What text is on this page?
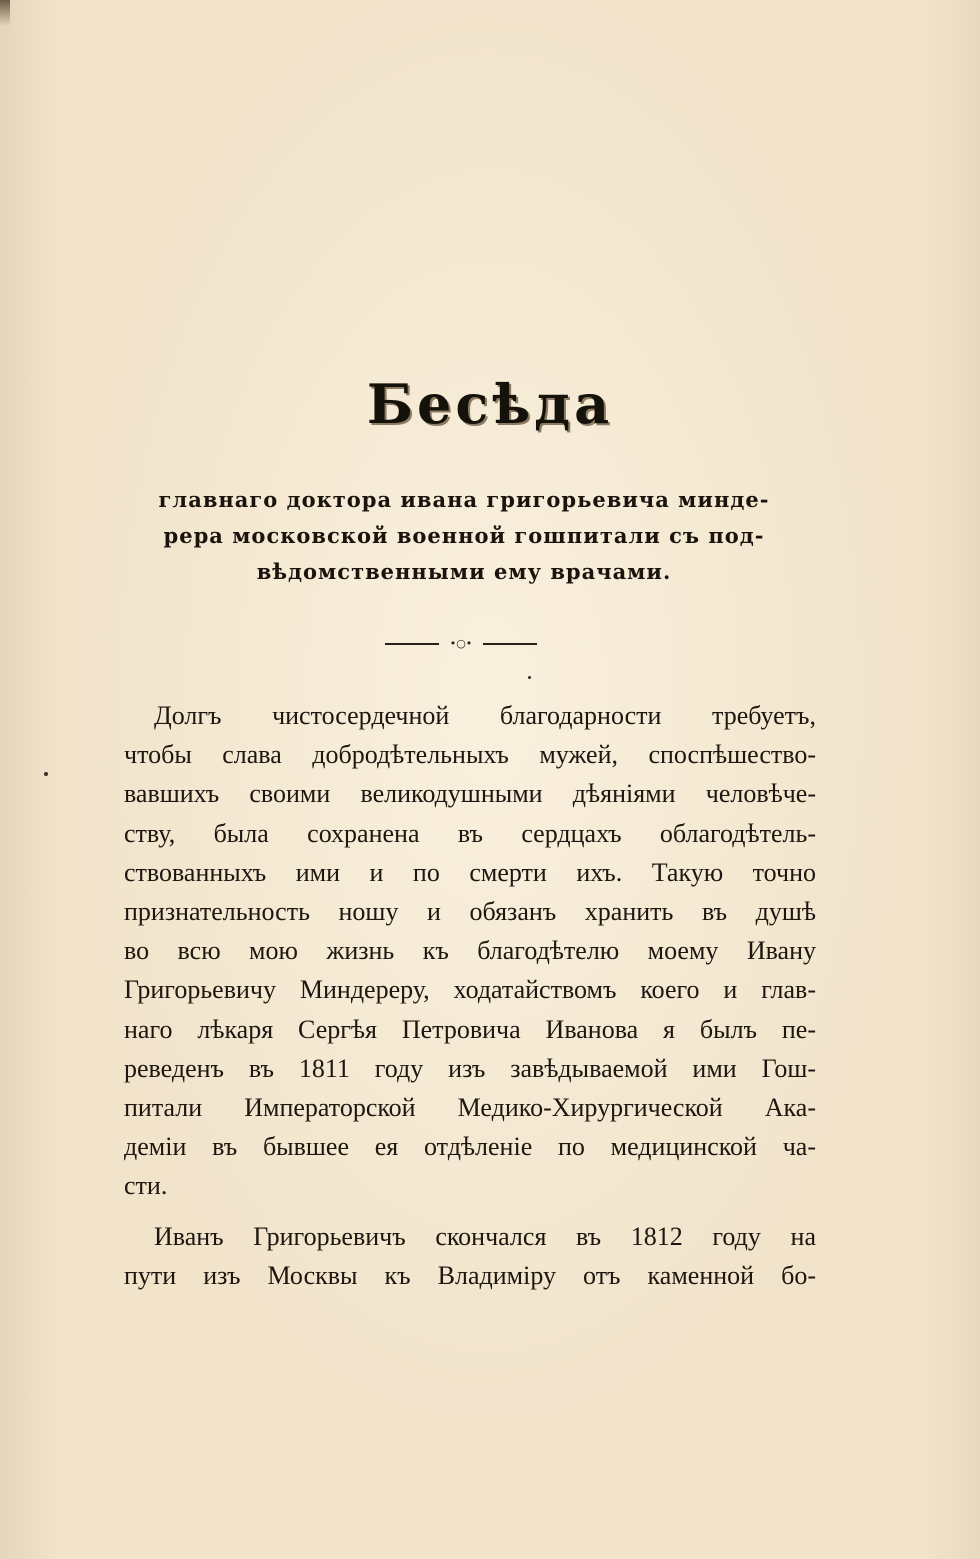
Бесѣда
главнаго доктора ивана григорьевича минде-
рера московской военной гошпитали съ под-
вѣдомственными ему врачами.
•○•
Долгъ чистосердечной благодарности требуетъ,
чтобы слава добродѣтельныхъ мужей, споспѣшество-
вавшихъ своими великодушными дѣяніями человѣче-
ству, была сохранена въ сердцахъ облагодѣтель-
ствованныхъ ими и по смерти ихъ. Такую точно
признательность ношу и обязанъ хранить въ душѣ
во всю мою жизнь къ благодѣтелю моему Ивану
Григорьевичу Миндереру, ходатайствомъ коего и глав-
наго лѣкаря Сергѣя Петровича Иванова я былъ пе-
реведенъ въ 1811 году изъ завѣдываемой ими Гош-
питали Императорской Медико-Хирургической Ака-
деміи въ бывшее ея отдѣленіе по медицинской ча-
сти.
Иванъ Григорьевичъ скончался въ 1812 году на
пути изъ Москвы къ Владиміру отъ каменной бо-
